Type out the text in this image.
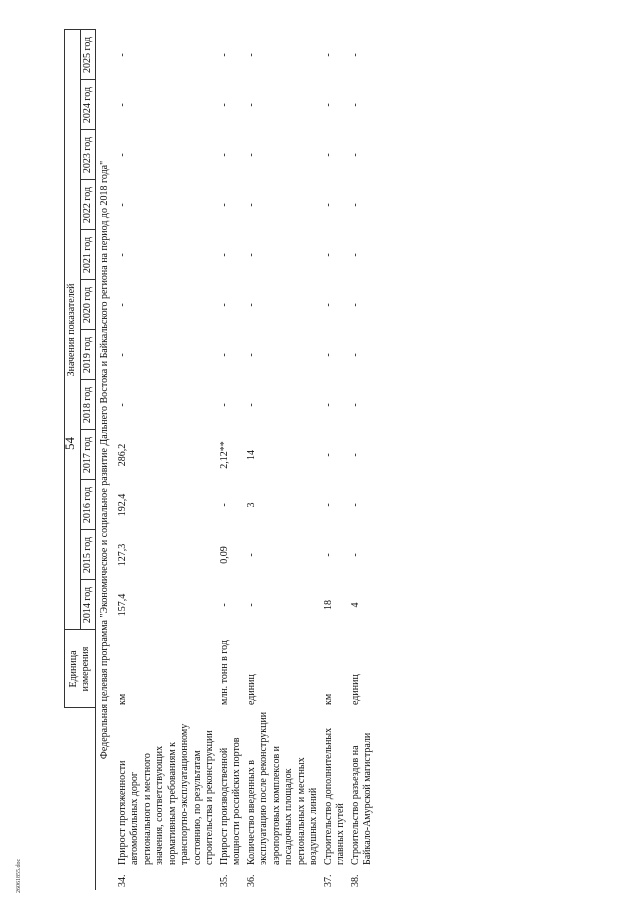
54
26061855.doc
		Единица измерения	Значения показателей											
			2014 год	2015 год	2016 год	2017 год	2018 год	2019 год	2020 год	2021 год	2022 год	2023 год	2024 год	2025 год
Федеральная целевая программа "Экономическое и социальное развитие Дальнего Востока и Байкальского региона на период до 2018 года"														
34.	Прирост протяженности автомобильных дорог регионального и местного значения, соответствующих нормативным требованиям к транспортно-эксплуатационному состоянию, по результатам строительства и реконструкции	км	157,4	127,3	192,4	286,2	-	-	-	-	-	-	-	-
35.	Прирост производственной мощности российских портов	млн. тонн в год	-	0,09	-	2,12**	-	-	-	-	-	-	-	-
36.	Количество введенных в эксплуатацию после реконструкции аэропортовых комплексов и посадочных площадок региональных и местных воздушных линий	единиц	-	-	3	14	-	-	-	-	-	-	-	-
37.	Строительство дополнительных главных путей	км	18	-	-	-	-	-	-	-	-	-	-	-
38.	Строительство разъездов на Байкало-Амурской магистрали	единиц	4	-	-	-	-	-	-	-	-	-	-	-
